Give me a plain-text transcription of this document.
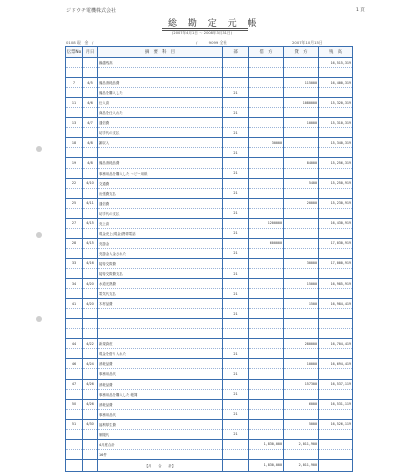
ジドウチ電機株式会社	1 頁
総 勘 定 元 帳
(2007年4月1日 ～ 2008年3月31日)
0108 現　金　/	/　　　9099 全社	2007年10月15日
伝票No	月日	摘　要　科　目	部	借　方	貸　方	残　高
		繰越残高				16,515,319

7	4/5	備品消耗品費			115000	16,400,319
		備品を購入した	21			
11	4/6	仕入高			1080000	15,320,319
		商品を仕入れた	21			
13	4/7	通信費			10000	15,310,319
		切手代の支払	21			
18	4/8	雑収入		30000		15,340,319
			21			
19	4/8	備品消耗品費			84000	15,256,319
		事務用品を購入した ～ピー用紙	21			
22	4/10	交通費			5400	15,250,919
		出張費支払	21			
25	4/11	通信費			20000	15,230,919
		切手代の支払	21			
27	4/15	売上高		1200000		16,430,919
		現金売上(現金)携帯電話	21			
28	4/15	売掛金		600000		17,030,919
		売掛金入金された	21			
33	4/16	接待交際費			30000	17,000,919
		接待交際費支払	21			
34	4/20	水道光熱費			15000	16,985,919
		電気代支払	21			
41	4/20	木材品費			1500	16,984,419
			21			

44	4/22	新規資産			280000	16,704,419
		現金を借り入れた	21			
46	4/24	消耗品費			10000	16,694,419
		事務用品代	21			
47	4/26	消耗品費			157300	16,537,119
		事務用品を購入した 帳簿	21			
50	4/26	消耗品費			6000	16,531,119
		事務用品代	21			
51	4/30	福利厚生費			5000	16,526,119
		制服代	21			
		4月度合計		1,830,000	2,011,900	
		16件				
		【月　　合　　計】		1,830,000	2,011,900	
